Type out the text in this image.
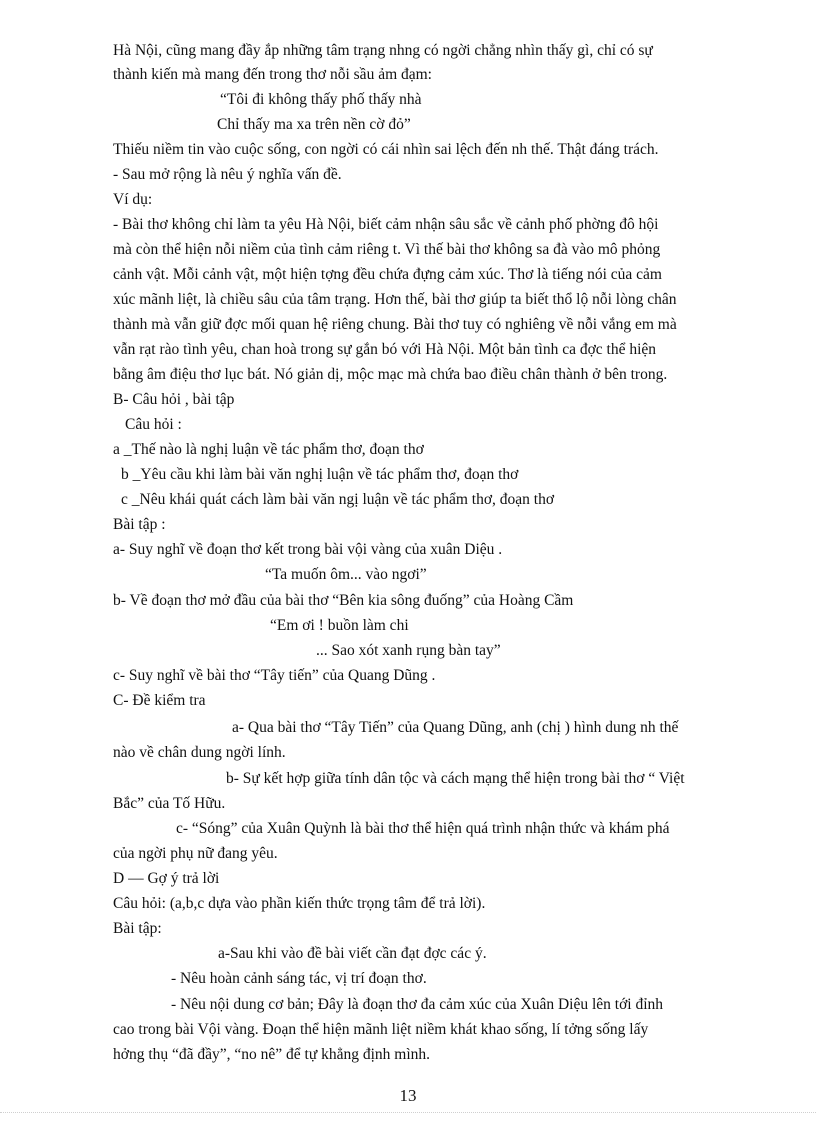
Hà Nội, cũng mang đầy ắp những tâm trạng nhng có ngời chẳng nhìn thấy gì, chỉ có sự
thành kiến mà mang đến trong thơ nỗi sầu ảm đạm:
“Tôi đi không thấy phố thấy nhà
Chỉ thấy ma xa trên nền cờ đỏ”
Thiếu niềm tin vào cuộc sống, con ngời có cái nhìn sai lệch đến nh thế. Thật đáng trách.
- Sau mở rộng là nêu ý nghĩa vấn đề.
Ví dụ:
- Bài thơ không chỉ làm ta yêu Hà Nội, biết cảm nhận sâu sắc về cảnh phố phờng đô hội
mà còn thể hiện nỗi niềm của tình cảm riêng t. Vì thế bài thơ không sa đà vào mô phỏng
cảnh vật. Mỗi cảnh vật, một hiện tợng đều chứa đựng cảm xúc. Thơ là tiếng nói của cảm
xúc mãnh liệt, là chiều sâu của tâm trạng. Hơn thế, bài thơ giúp ta biết thổ lộ nỗi lòng chân
thành mà vẫn giữ đợc mối quan hệ riêng chung. Bài thơ tuy có nghiêng về nỗi vắng em mà
vẫn rạt rào tình yêu, chan hoà trong sự gắn bó với Hà Nội. Một bản tình ca đợc thể hiện
bằng âm điệu thơ lục bát. Nó giản dị, mộc mạc mà chứa bao điều chân thành ở bên trong.
B- Câu hỏi , bài tập
Câu hỏi :
a _Thế nào là nghị luận về tác phẩm thơ, đoạn thơ
b _Yêu cầu khi làm bài văn nghị luận về tác phẩm thơ, đoạn thơ
c _Nêu khái quát cách làm bài văn ngị luận về tác phẩm thơ, đoạn thơ
Bài tập :
a- Suy nghĩ về đoạn thơ kết trong bài vội vàng của xuân Diệu .
“Ta muốn ôm... vào ngơi”
b- Về đoạn thơ mở đầu của bài thơ “Bên kia sông đuống” của Hoàng Cầm
“Em ơi ! buồn làm chi
... Sao xót xanh rụng bàn tay”
c- Suy nghĩ về bài thơ “Tây tiến” của Quang Dũng .
C- Đề kiểm tra
a- Qua bài thơ “Tây Tiến” của Quang Dũng, anh (chị ) hình dung nh thế
nào về chân dung ngời lính.
b- Sự kết hợp giữa tính dân tộc và cách mạng thể hiện trong bài thơ “ Việt
Bắc” của Tố Hữu.
c- “Sóng” của Xuân Quỳnh là bài thơ thể hiện quá trình nhận thức và khám phá
của ngời phụ nữ đang yêu.
D — Gợ ý trả lời
Câu hỏi: (a,b,c dựa vào phần kiến thức trọng tâm để trả lời).
Bài tập:
a-Sau khi vào đề bài viết cần đạt đợc các ý.
- Nêu hoàn cảnh sáng tác, vị trí đoạn thơ.
- Nêu nội dung cơ bản; Đây là đoạn thơ đa cảm xúc của Xuân Diệu lên tới đỉnh
cao trong bài Vội vàng. Đoạn thể hiện mãnh liệt niềm khát khao sống, lí tởng sống lấy
hởng thụ “đã đầy”, “no nê” để tự khẳng định mình.
13
